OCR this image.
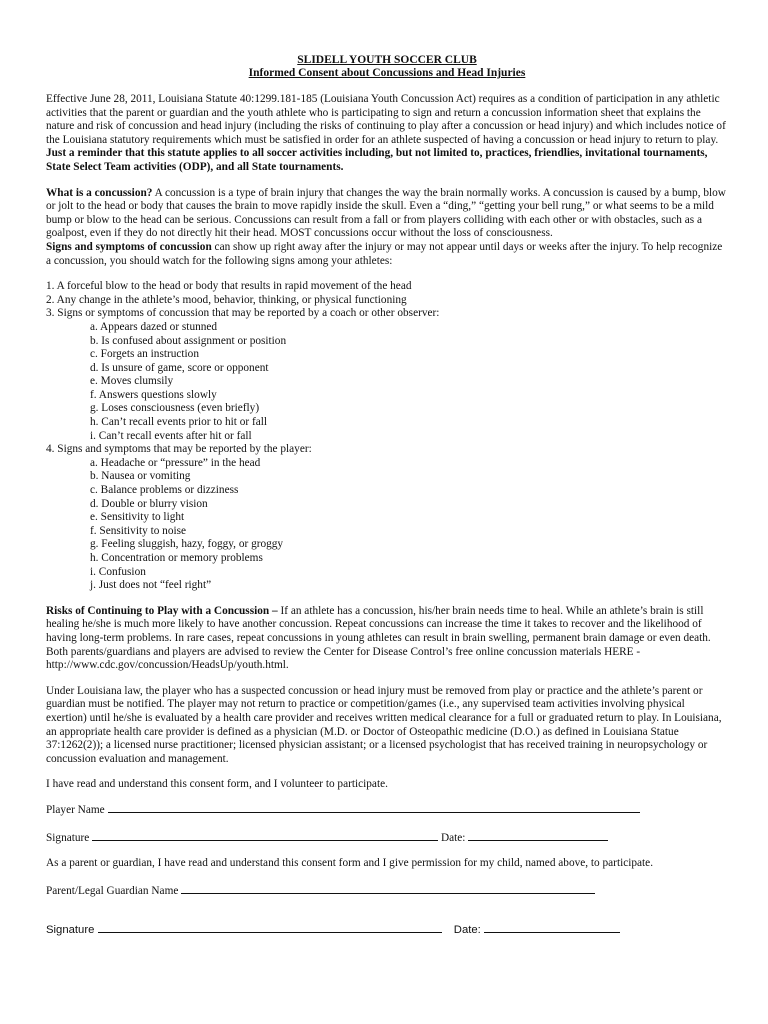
SLIDELL YOUTH SOCCER CLUB
Informed Consent about Concussions and Head Injuries

Effective June 28, 2011, Louisiana Statute 40:1299.181-185 (Louisiana Youth Concussion Act) requires as a condition of participation in any athletic activities that the parent or guardian and the youth athlete who is participating to sign and return a concussion information sheet that explains the nature and risk of concussion and head injury (including the risks of continuing to play after a concussion or head injury) and which includes notice of the Louisiana statutory requirements which must be satisfied in order for an athlete suspected of having a concussion or head injury to return to play. Just a reminder that this statute applies to all soccer activities including, but not limited to, practices, friendlies, invitational tournaments, State Select Team activities (ODP), and all State tournaments.

What is a concussion? A concussion is a type of brain injury that changes the way the brain normally works. A concussion is caused by a bump, blow or jolt to the head or body that causes the brain to move rapidly inside the skull. Even a “ding,” “getting your bell rung,” or what seems to be a mild bump or blow to the head can be serious. Concussions can result from a fall or from players colliding with each other or with obstacles, such as a goalpost, even if they do not directly hit their head. MOST concussions occur without the loss of consciousness.

Signs and symptoms of concussion can show up right away after the injury or may not appear until days or weeks after the injury. To help recognize a concussion, you should watch for the following signs among your athletes:

1. A forceful blow to the head or body that results in rapid movement of the head
2. Any change in the athlete’s mood, behavior, thinking, or physical functioning
3. Signs or symptoms of concussion that may be reported by a coach or other observer:
a. Appears dazed or stunned
b. Is confused about assignment or position
c. Forgets an instruction
d. Is unsure of game, score or opponent
e. Moves clumsily
f. Answers questions slowly
g. Loses consciousness (even briefly)
h. Can’t recall events prior to hit or fall
i. Can’t recall events after hit or fall
4. Signs and symptoms that may be reported by the player:
a. Headache or “pressure” in the head
b. Nausea or vomiting
c. Balance problems or dizziness
d. Double or blurry vision
e. Sensitivity to light
f. Sensitivity to noise
g. Feeling sluggish, hazy, foggy, or groggy
h. Concentration or memory problems
i. Confusion
j. Just does not “feel right”

Risks of Continuing to Play with a Concussion – If an athlete has a concussion, his/her brain needs time to heal. While an athlete’s brain is still healing he/she is much more likely to have another concussion. Repeat concussions can increase the time it takes to recover and the likelihood of having long-term problems. In rare cases, repeat concussions in young athletes can result in brain swelling, permanent brain damage or even death.

Both parents/guardians and players are advised to review the Center for Disease Control’s free online concussion materials HERE - http://www.cdc.gov/concussion/HeadsUp/youth.html.

Under Louisiana law, the player who has a suspected concussion or head injury must be removed from play or practice and the athlete’s parent or guardian must be notified. The player may not return to practice or competition/games (i.e., any supervised team activities involving physical exertion) until he/she is evaluated by a health care provider and receives written medical clearance for a full or graduated return to play. In Louisiana, an appropriate health care provider is defined as a physician (M.D. or Doctor of Osteopathic medicine (D.O.) as defined in Louisiana Statue 37:1262(2)); a licensed nurse practitioner; licensed physician assistant; or a licensed psychologist that has received training in neuropsychology or concussion evaluation and management.

I have read and understand this consent form, and I volunteer to participate.

Player Name
Signature	Date:

As a parent or guardian, I have read and understand this consent form and I give permission for my child, named above, to participate.

Parent/Legal Guardian Name
Signature	Date:
